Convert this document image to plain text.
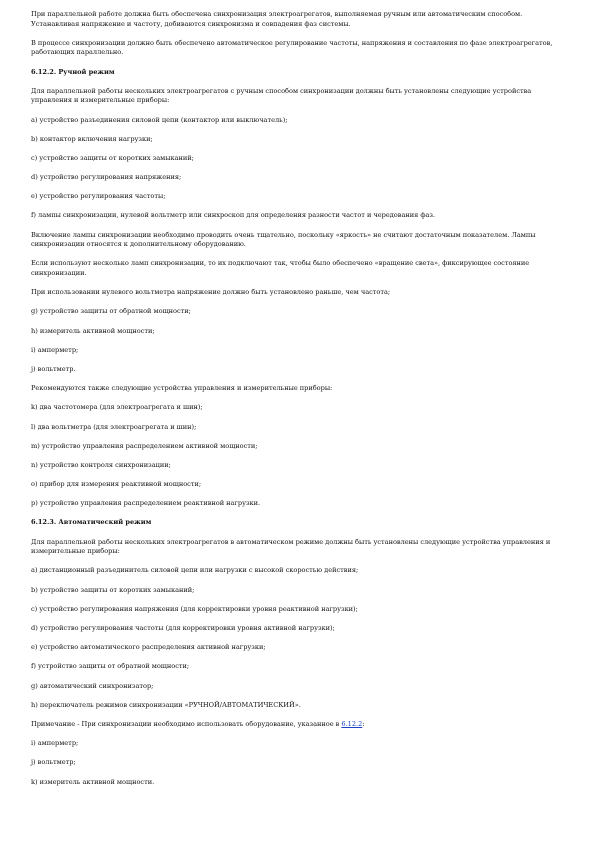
При параллельной работе должна быть обеспечена синхронизация электроагрегатов, выполняемая ручным или автоматическим способом. Устанавливая напряжение и частоту, добиваются синхронизма и совпадения фаз системы.

В процессе синхронизации должно быть обеспечено автоматическое регулирование частоты, напряжения и составления по фазе электроагрегатов, работающих параллельно.

6.12.2. Ручной режим

Для параллельной работы нескольких электроагрегатов с ручным способом синхронизации должны быть установлены следующие устройства управления и измерительные приборы:

а) устройство разъединения силовой цепи (контактор или выключатель);

b) контактор включения нагрузки;

с) устройство защиты от коротких замыканий;

d) устройство регулирования напряжения;

е) устройство регулирования частоты;

f) лампы синхронизации, нулевой вольтметр или синхроскоп для определения разности частот и чередования фаз.

Включение лампы синхронизации необходимо проводить очень тщательно, поскольку «яркость» не считают достаточным показателем. Лампы синхронизации относятся к дополнительному оборудованию.

Если используют несколько ламп синхронизации, то их подключают так, чтобы было обеспечено «вращение света», фиксирующее состояние синхронизации.

При использовании нулевого вольтметра напряжение должно быть установлено раньше, чем частота;

g) устройство защиты от обратной мощности;

h) измеритель активной мощности;

i) амперметр;

j) вольтметр.

Рекомендуются также следующие устройства управления и измерительные приборы:

k) два частотомера (для электроагрегата и шин);

l) два вольтметра (для электроагрегата и шин);

m) устройство управления распределением активной мощности;

n) устройство контроля синхронизации;

о) прибор для измерения реактивной мощности;

р) устройство управления распределением реактивной нагрузки.

6.12.3. Автоматический режим

Для параллельной работы нескольких электроагрегатов в автоматическом режиме должны быть установлены следующие устройства управления и измерительные приборы:

а) дистанционный разъединитель силовой цепи или нагрузки с высокой скоростью действия;

b) устройство защиты от коротких замыканий;

с) устройство регулирования напряжения (для корректировки уровня реактивной нагрузки);

d) устройство регулирования частоты (для корректировки уровня активной нагрузки);

е) устройство автоматического распределения активной нагрузки;

f) устройство защиты от обратной мощности;

g) автоматический синхронизатор;

h) переключатель режимов синхронизации «РУЧНОЙ/АВТОМАТИЧЕСКИЙ».

Примечание - При синхронизации необходимо использовать оборудование, указанное в 6.12.2:

i) амперметр;

j) вольтметр;

k) измеритель активной мощности.
